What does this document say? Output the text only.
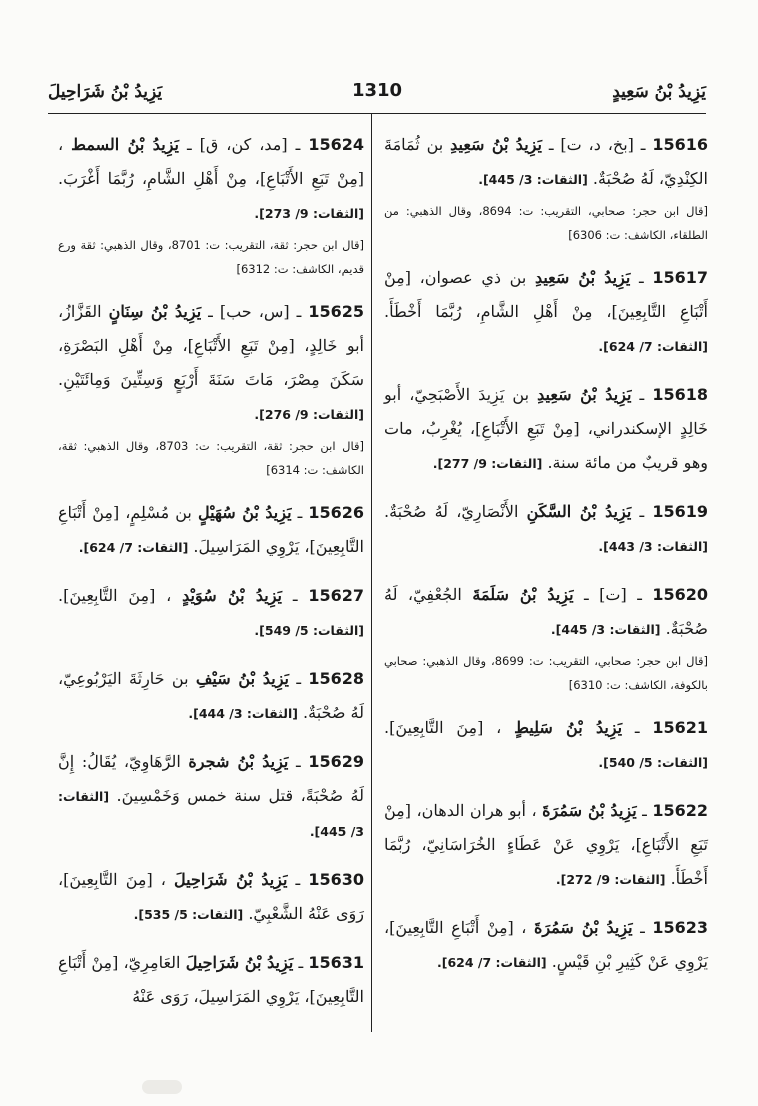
يَزِيدُ بْنُ سَعِيدٍ
1310
يَزِيدُ بْنُ شَرَاحِيلَ
15616 ـ [بخ، د، ت] ـ يَزِيدُ بْنُ سَعِيدِ بن ثُمَامَةَ الكِنْدِيّ، لَهُ صُحْبَةٌ. [الثقات: 3/ 445].
[قال ابن حجر: صحابي، التقريب: ت: 8694، وقال الذهبي: من الطلقاء، الكاشف: ت: 6306]
15617 ـ يَزِيدُ بْنُ سَعِيدِ بن ذي عصوان، [مِنْ أَتْبَاعِ التَّابِعِينَ]، مِنْ أَهْلِ الشَّامِ، رُبَّمَا أَخْطَأَ. [الثقات: 7/ 624].
15618 ـ يَزِيدُ بْنُ سَعِيدِ بن يَزِيدَ الأَصْبَحِيّ، أبو خَالِدٍ الإسكندراني، [مِنْ تَبَعِ الأَتْبَاعِ]، يُغْرِبُ، مات وهو قريبٌ من مائة سنة. [الثقات: 9/ 277].
15619 ـ يَزِيدُ بْنُ السَّكَنِ الأَنْصَارِيّ، لَهُ صُحْبَةٌ. [الثقات: 3/ 443].
15620 ـ [ت] ـ يَزِيدُ بْنُ سَلَمَةَ الجُعْفِيّ، لَهُ صُحْبَةٌ. [الثقات: 3/ 445].
[قال ابن حجر: صحابي، التقريب: ت: 8699، وقال الذهبي: صحابي بالكوفة، الكاشف: ت: 6310]
15621 ـ يَزِيدُ بْنُ سَلِيطٍ ، [مِنَ التَّابِعِينَ]. [الثقات: 5/ 540].
15622 ـ يَزِيدُ بْنُ سَمُرَةَ ، أبو هران الدهان، [مِنْ تَبَعِ الأَتْبَاعِ]، يَرْوِي عَنْ عَطَاءٍ الخُرَاسَانِيّ، رُبَّمَا أَخْطَأَ. [الثقات: 9/ 272].
15623 ـ يَزِيدُ بْنُ سَمُرَةَ ، [مِنْ أَتْبَاعِ التَّابِعِينَ]، يَرْوِي عَنْ كَثِيرِ بْنِ قَيْسٍ. [الثقات: 7/ 624].
15624 ـ [مد، كن، ق] ـ يَزِيدُ بْنُ السمط ، [مِنْ تَبَعِ الأَتْبَاعِ]، مِنْ أَهْلِ الشَّامِ، رُبَّمَا أَغْرَبَ. [الثقات: 9/ 273].
[قال ابن حجر: ثقة، التقريب: ت: 8701، وقال الذهبي: ثقة ورع قديم، الكاشف: ت: 6312]
15625 ـ [س، حب] ـ يَزِيدُ بْنُ سِنَانٍ القَزَّازُ، أبو خَالِدٍ، [مِنْ تَبَعِ الأَتْبَاعِ]، مِنْ أَهْلِ البَصْرَةِ، سَكَنَ مِصْرَ، مَاتَ سَنَةَ أَرْبَعٍ وَسِتِّينَ وَمِائَتَيْنِ. [الثقات: 9/ 276].
[قال ابن حجر: ثقة، التقريب: ت: 8703، وقال الذهبي: ثقة، الكاشف: ت: 6314]
15626 ـ يَزِيدُ بْنُ سُهَيْلٍ بن مُسْلِمٍ، [مِنْ أَتْبَاعِ التَّابِعِينَ]، يَرْوِي المَرَاسِيلَ. [الثقات: 7/ 624].
15627 ـ يَزِيدُ بْنُ سُوَيْدٍ ، [مِنَ التَّابِعِينَ]. [الثقات: 5/ 549].
15628 ـ يَزِيدُ بْنُ سَيْفِ بن حَارِثَةَ اليَرْبُوعِيّ، لَهُ صُحْبَةٌ. [الثقات: 3/ 444].
15629 ـ يَزِيدُ بْنُ شجرة الرَّهَاوِيّ، يُقَالُ: إِنَّ لَهُ صُحْبَةً، قتل سنة خمس وَخَمْسِينَ. [الثقات: 3/ 445].
15630 ـ يَزِيدُ بْنُ شَرَاحِيلَ ، [مِنَ التَّابِعِينَ]، رَوَى عَنْهُ الشَّعْبِيّ. [الثقات: 5/ 535].
15631 ـ يَزِيدُ بْنُ شَرَاحِيلَ العَامِرِيّ، [مِنْ أَتْبَاعِ التَّابِعِينَ]، يَرْوِي المَرَاسِيلَ، رَوَى عَنْهُ
